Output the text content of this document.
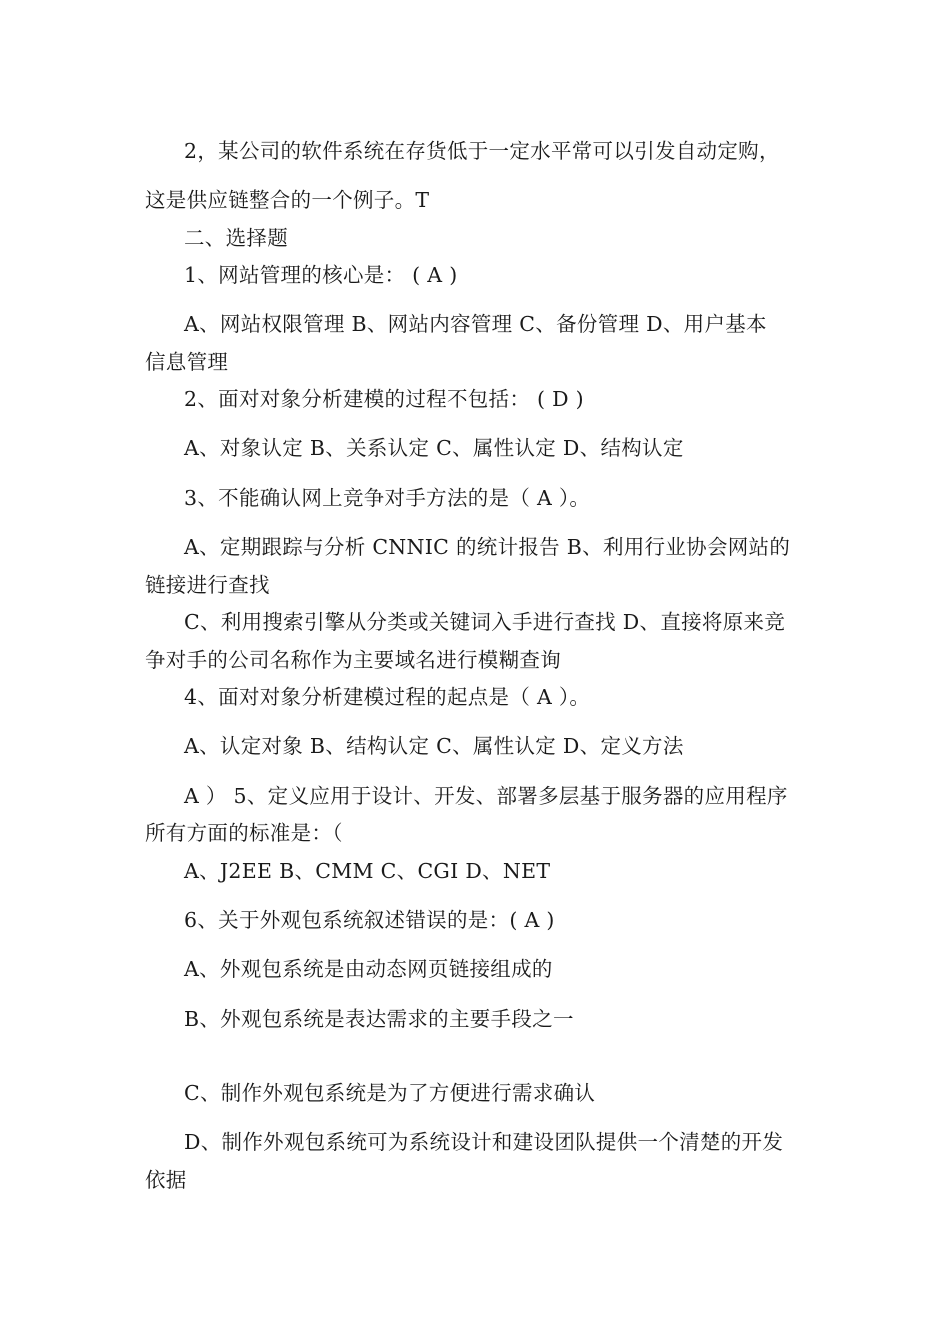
2，某公司的软件系统在存货低于一定水平常可以引发自动定购，
这是供应链整合的一个例子。T
二、选择题
1、网站管理的核心是： ( A )
A、网站权限管理 B、网站内容管理 C、备份管理 D、用户基本
信息管理
2、面对对象分析建模的过程不包括： ( D )
A、对象认定 B、关系认定 C、属性认定 D、结构认定
3、不能确认网上竞争对手方法的是（ A ）。
A、定期跟踪与分析 CNNIC 的统计报告 B、利用行业协会网站的
链接进行查找
C、利用搜索引擎从分类或关键词入手进行查找 D、直接将原来竞
争对手的公司名称作为主要域名进行模糊查询
4、面对对象分析建模过程的起点是（ A ）。
A、认定对象 B、结构认定 C、属性认定 D、定义方法
A ） 5、定义应用于设计、开发、部署多层基于服务器的应用程序
所有方面的标准是：（
A、J2EE B、CMM C、CGI D、NET
6、关于外观包系统叙述错误的是：( A )
A、外观包系统是由动态网页链接组成的
B、外观包系统是表达需求的主要手段之一
C、制作外观包系统是为了方便进行需求确认
D、制作外观包系统可为系统设计和建设团队提供一个清楚的开发
依据
